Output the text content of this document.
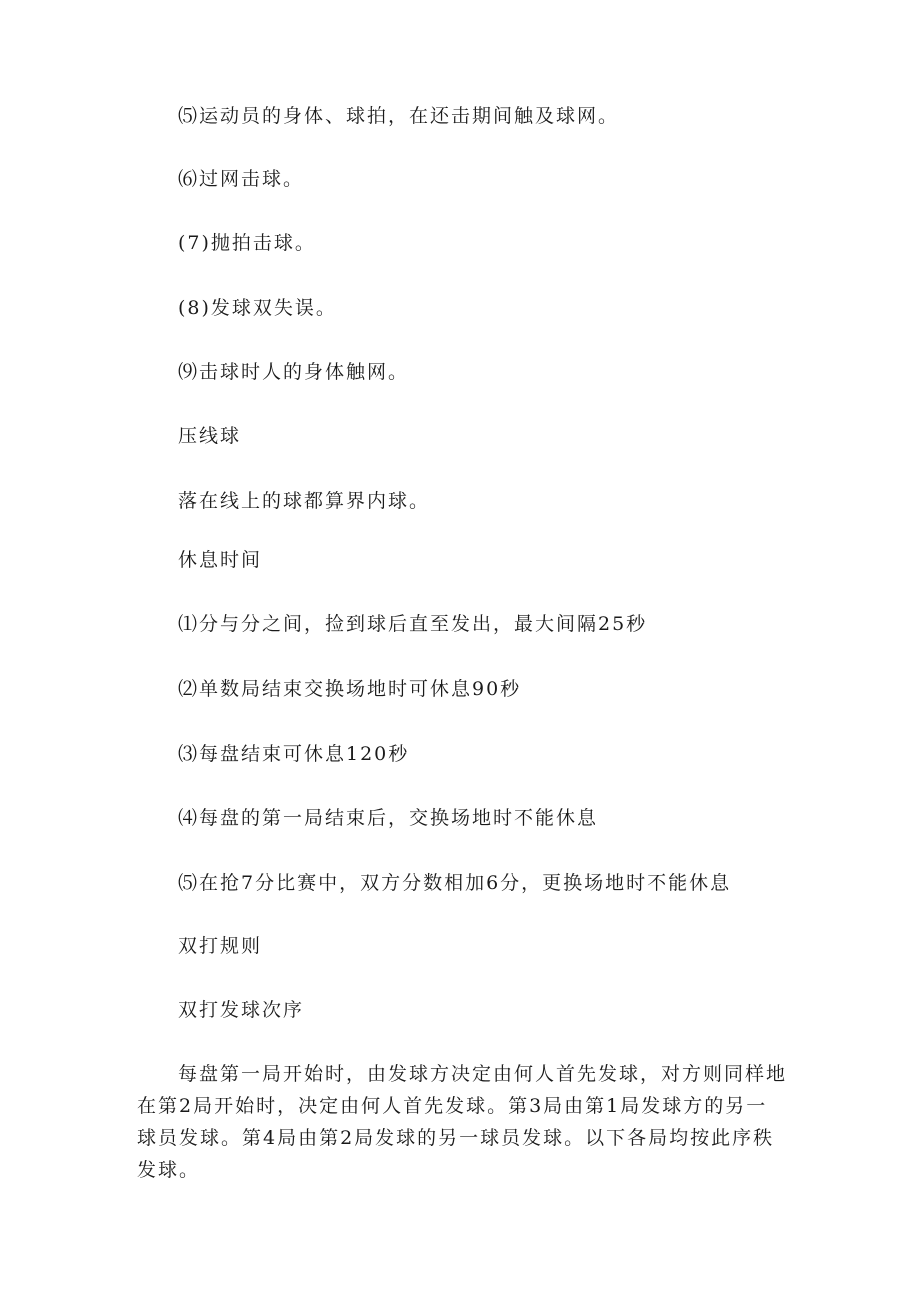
⑸运动员的身体、球拍，在还击期间触及球网。
⑹过网击球。
(7)抛拍击球。
(8)发球双失误。
⑼击球时人的身体触网。
压线球
落在线上的球都算界内球。
休息时间
⑴分与分之间，捡到球后直至发出，最大间隔25秒
⑵单数局结束交换场地时可休息90秒
⑶每盘结束可休息120秒
⑷每盘的第一局结束后，交换场地时不能休息
⑸在抢7分比赛中，双方分数相加6分，更换场地时不能休息
双打规则
双打发球次序
每盘第一局开始时，由发球方决定由何人首先发球，对方则同样地在第2局开始时，决定由何人首先发球。第3局由第1局发球方的另一球员发球。第4局由第2局发球的另一球员发球。以下各局均按此序秩发球。
